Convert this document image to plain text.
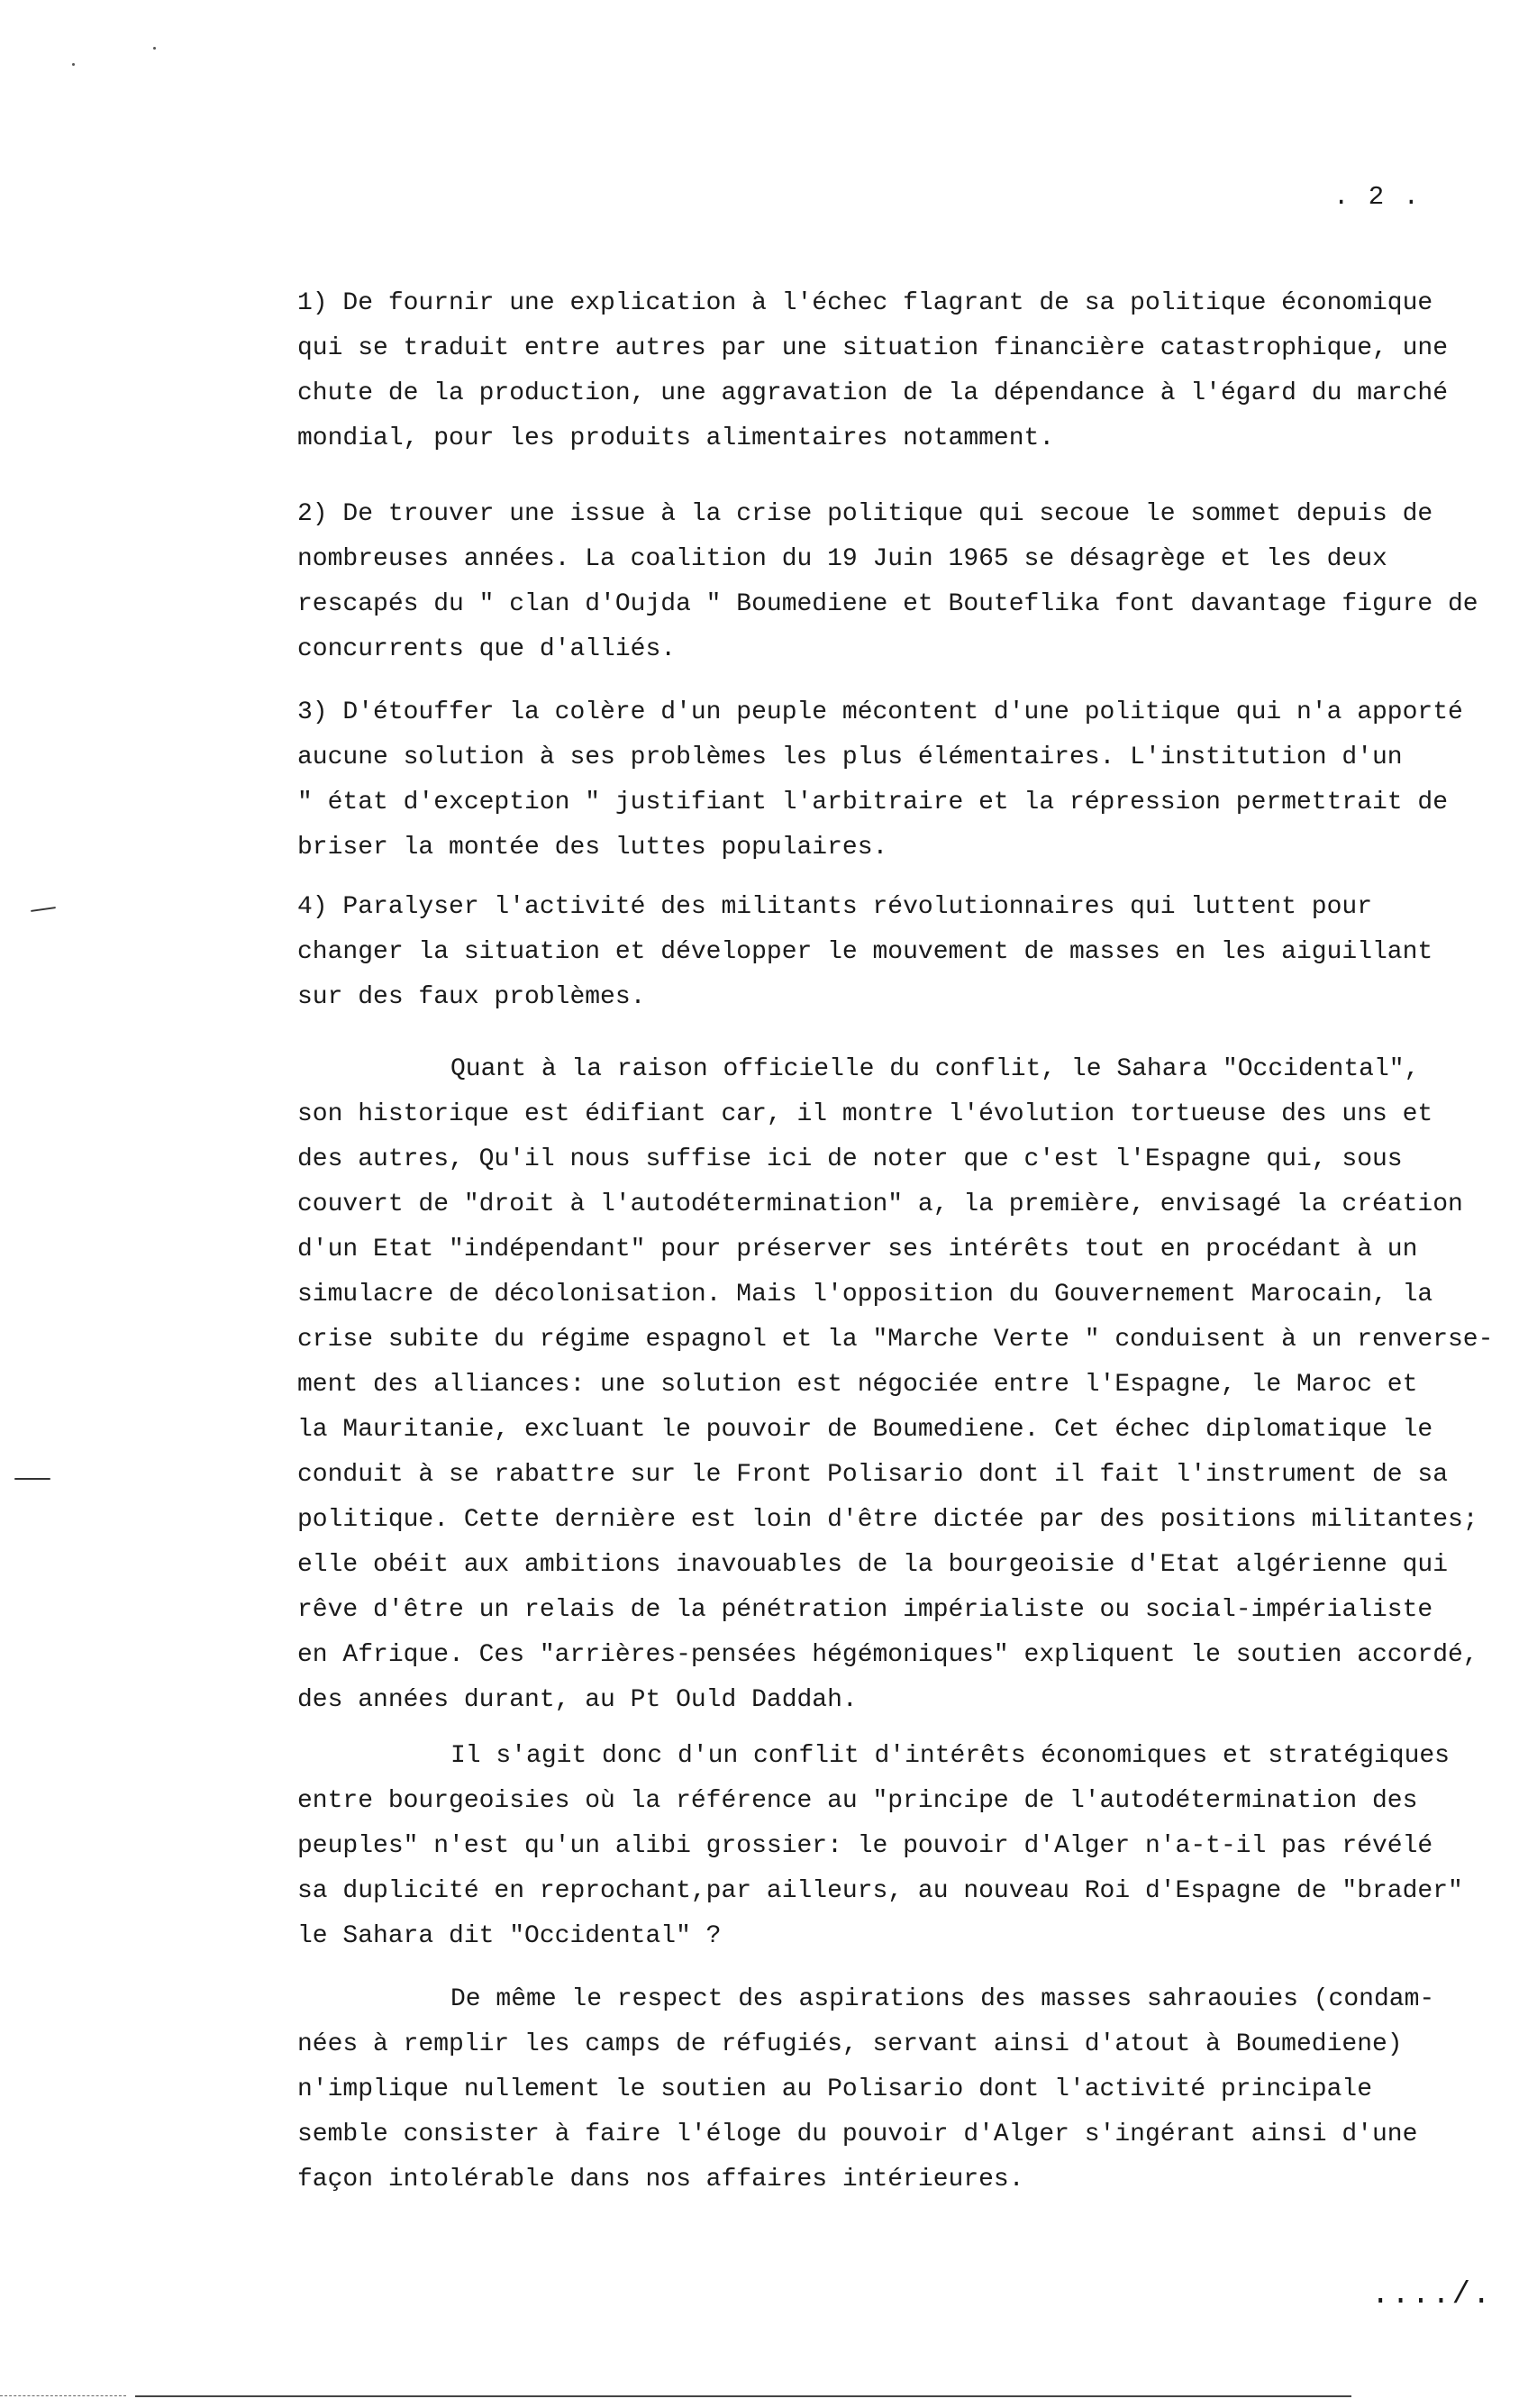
. 2 .
1) De fournir une explication à l'échec flagrant de sa politique économique
qui se traduit entre autres par une situation financière catastrophique, une
chute de la production, une aggravation de la dépendance à l'égard du marché
mondial, pour les produits alimentaires notamment.
2) De trouver une issue à la crise politique qui secoue le sommet depuis de
nombreuses années. La coalition du 19 Juin 1965 se désagrège et les deux
rescapés du " clan d'Oujda " Boumediene et Bouteflika font davantage figure de
concurrents que d'alliés.
3) D'étouffer la colère d'un peuple mécontent d'une politique qui n'a apporté
aucune solution à ses problèmes les plus élémentaires. L'institution d'un
" état d'exception " justifiant l'arbitraire et la répression permettrait de
briser la montée des luttes populaires.
4) Paralyser l'activité des militants révolutionnaires qui luttent pour
changer la situation et développer le mouvement de masses en les aiguillant
sur des faux problèmes.
Quant à la raison officielle du conflit, le Sahara "Occidental",
son historique est édifiant car, il montre l'évolution tortueuse des uns et
des autres, Qu'il nous suffise ici de noter que c'est l'Espagne qui, sous
couvert de "droit à l'autodétermination" a, la première, envisagé la création
d'un Etat "indépendant" pour préserver ses intérêts tout en procédant à un
simulacre de décolonisation. Mais l'opposition du Gouvernement Marocain, la
crise subite du régime espagnol et la "Marche Verte " conduisent à un renverse-
ment des alliances: une solution est négociée entre l'Espagne, le Maroc et
la Mauritanie, excluant le pouvoir de Boumediene. Cet échec diplomatique le
conduit à se rabattre sur le Front Polisario dont il fait l'instrument de sa
politique. Cette dernière est loin d'être dictée par des positions militantes;
elle obéit aux ambitions inavouables de la bourgeoisie d'Etat algérienne qui
rêve d'être un relais de la pénétration impérialiste ou social-impérialiste
en Afrique. Ces "arrières-pensées hégémoniques" expliquent le soutien accordé,
des années durant, au Pt Ould Daddah.
Il s'agit donc d'un conflit d'intérêts économiques et stratégiques
entre bourgeoisies où la référence au "principe de l'autodétermination des
peuples" n'est qu'un alibi grossier: le pouvoir d'Alger n'a-t-il pas révélé
sa duplicité en reprochant,par ailleurs, au nouveau Roi d'Espagne de "brader"
le Sahara dit "Occidental" ?
De même le respect des aspirations des masses sahraouies (condam-
nées à remplir les camps de réfugiés, servant ainsi d'atout à Boumediene)
n'implique nullement le soutien au Polisario dont l'activité principale
semble consister à faire l'éloge du pouvoir d'Alger s'ingérant ainsi d'une
façon intolérable dans nos affaires intérieures.
..../.
